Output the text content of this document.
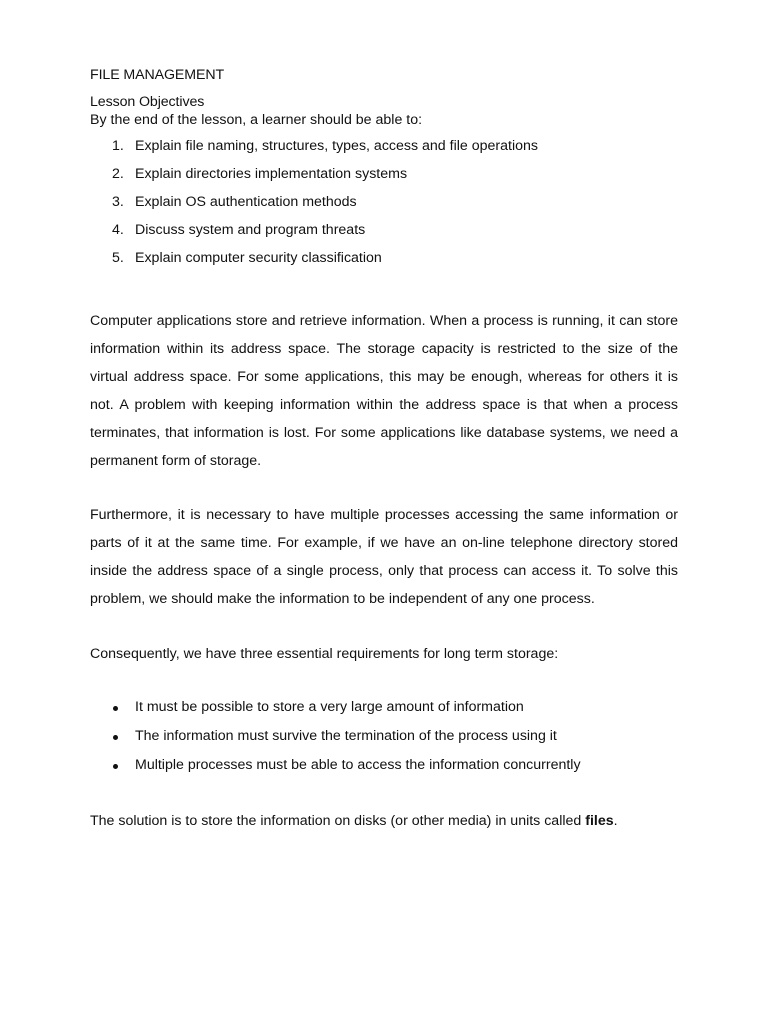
FILE MANAGEMENT
Lesson Objectives
By the end of the lesson, a learner should be able to:
1. Explain file naming, structures, types, access and file operations
2. Explain directories implementation systems
3. Explain OS authentication methods
4. Discuss system and program threats
5. Explain computer security classification

Computer applications store and retrieve information. When a process is running, it can store information within its address space. The storage capacity is restricted to the size of the virtual address space. For some applications, this may be enough, whereas for others it is not. A problem with keeping information within the address space is that when a process terminates, that information is lost. For some applications like database systems, we need a permanent form of storage.

Furthermore, it is necessary to have multiple processes accessing the same information or parts of it at the same time. For example, if we have an on-line telephone directory stored inside the address space of a single process, only that process can access it. To solve this problem, we should make the information to be independent of any one process.

Consequently, we have three essential requirements for long term storage:

It must be possible to store a very large amount of information
The information must survive the termination of the process using it
Multiple processes must be able to access the information concurrently

The solution is to store the information on disks (or other media) in units called files.
